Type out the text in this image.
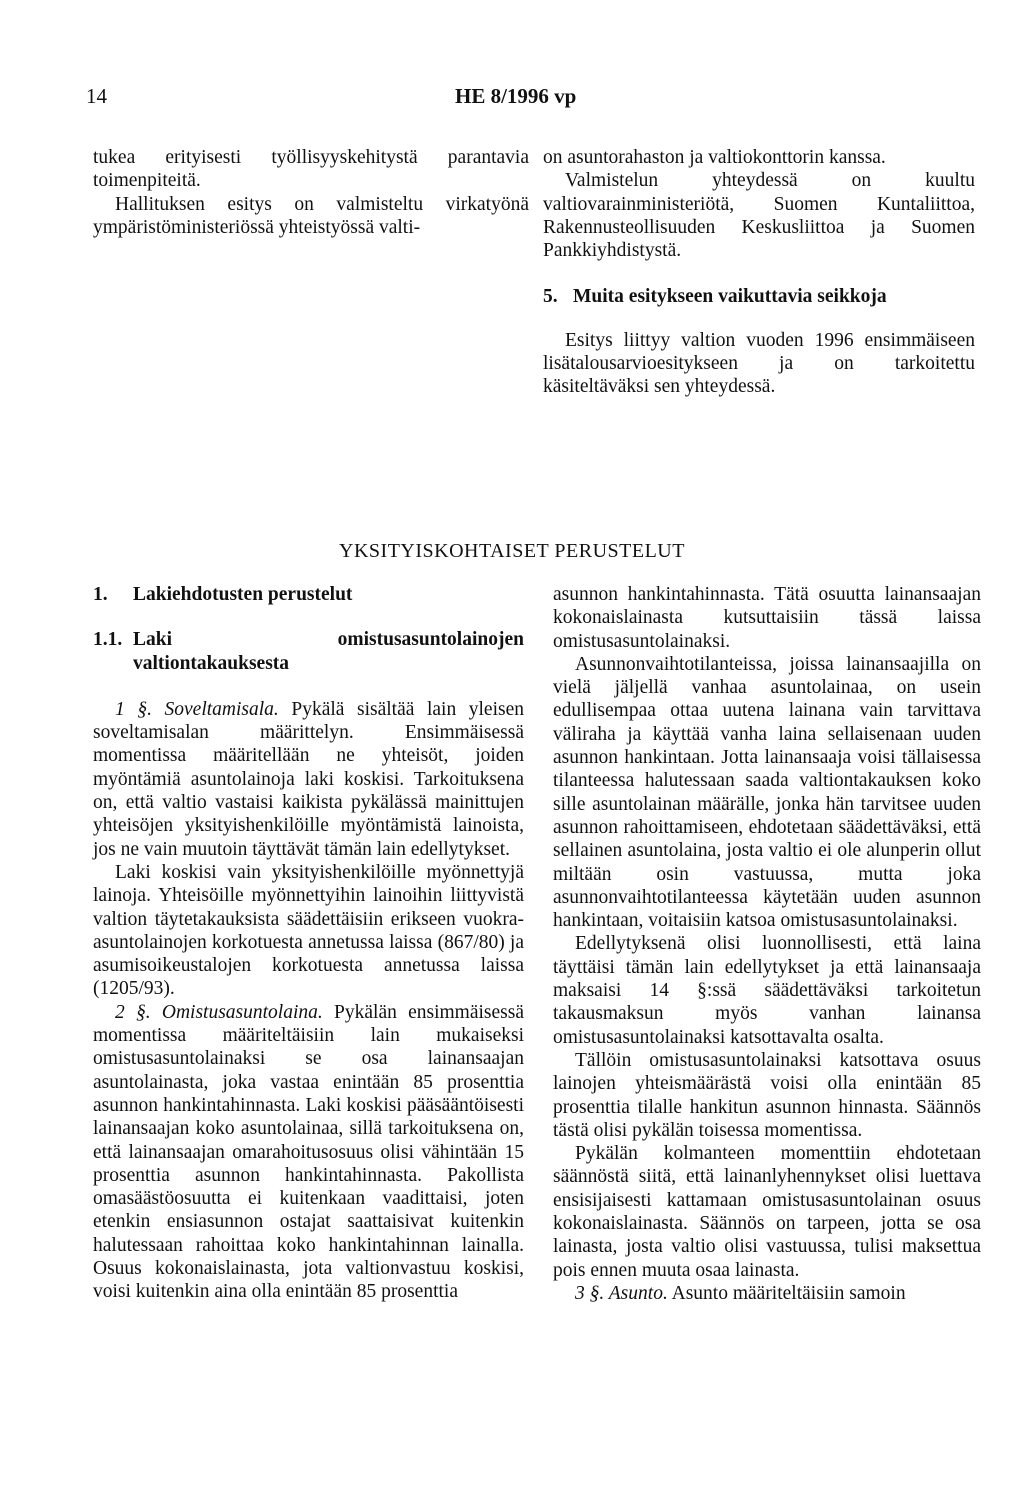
14	HE 8/1996 vp

tukea erityisesti työllisyyskehitystä parantavia toimenpiteitä.

Hallituksen esitys on valmisteltu virkatyönä ympäristöministeriössä yhteistyössä valti-

on asuntorahaston ja valtiokonttorin kanssa.

Valmistelun yhteydessä on kuultu valtiovarainministeriötä, Suomen Kuntaliittoa, Rakennusteollisuuden Keskusliittoa ja Suomen Pankkiyhdistystä.

5. Muita esitykseen vaikuttavia seikkoja

Esitys liittyy valtion vuoden 1996 ensimmäiseen lisätalousarvioesitykseen ja on tarkoitettu käsiteltäväksi sen yhteydessä.

YKSITYISKOHTAISET PERUSTELUT
1.	Lakiehdotusten perustelut
1.1. Laki omistusasuntolainojen valtiontakauksesta

1 §. Soveltamisala. Pykälä sisältää lain yleisen soveltamisalan määrittelyn. Ensimmäisessä momentissa määritellään ne yhteisöt, joiden myöntämiä asuntolainoja laki koskisi. Tarkoituksena on, että valtio vastaisi kaikista pykälässä mainittujen yhteisöjen yksityishenkilöille myöntämistä lainoista, jos ne vain muutoin täyttävät tämän lain edellytykset.

Laki koskisi vain yksityishenkilöille myönnettyjä lainoja. Yhteisöille myönnettyihin lainoihin liittyvistä valtion täytetakauksista säädettäisiin erikseen vuokra-asuntolainojen korkotuesta annetussa laissa (867/80) ja asumisoikeustalojen korkotuesta annetussa laissa (1205/93).

2 §. Omistusasuntolaina. Pykälän ensimmäisessä momentissa määriteltäisiin lain mukaiseksi omistusasuntolainaksi se osa lainansaajan asuntolainasta, joka vastaa enintään 85 prosenttia asunnon hankintahinnasta. Laki koskisi pääsääntöisesti lainansaajan koko asuntolainaa, sillä tarkoituksena on, että lainansaajan omarahoitusosuus olisi vähintään 15 prosenttia asunnon hankintahinnasta. Pakollista omasäästöosuutta ei kuitenkaan vaadittaisi, joten etenkin ensiasunnon ostajat saattaisivat kuitenkin halutessaan rahoittaa koko hankintahinnan lainalla. Osuus kokonaislainasta, jota valtionvastuu koskisi, voisi kuitenkin aina olla enintään 85 prosenttia

asunnon hankintahinnasta. Tätä osuutta lainansaajan kokonaislainasta kutsuttaisiin tässä laissa omistusasuntolainaksi.

Asunnonvaihtotilanteissa, joissa lainansaajilla on vielä jäljellä vanhaa asuntolainaa, on usein edullisempaa ottaa uutena lainana vain tarvittava väliraha ja käyttää vanha laina sellaisenaan uuden asunnon hankintaan. Jotta lainansaaja voisi tällaisessa tilanteessa halutessaan saada valtiontakauksen koko sille asuntolainan määrälle, jonka hän tarvitsee uuden asunnon rahoittamiseen, ehdotetaan säädettäväksi, että sellainen asuntolaina, josta valtio ei ole alunperin ollut miltään osin vastuussa, mutta joka asunnonvaihtotilanteessa käytetään uuden asunnon hankintaan, voitaisiin katsoa omistusasuntolainaksi.

Edellytyksenä olisi luonnollisesti, että laina täyttäisi tämän lain edellytykset ja että lainansaaja maksaisi 14 §:ssä säädettäväksi tarkoitetun takausmaksun myös vanhan lainansa omistusasuntolainaksi katsottavalta osalta.

Tällöin omistusasuntolainaksi katsottava osuus lainojen yhteismäärästä voisi olla enintään 85 prosenttia tilalle hankitun asunnon hinnasta. Säännös tästä olisi pykälän toisessa momentissa.

Pykälän kolmanteen momenttiin ehdotetaan säännöstä siitä, että lainanlyhennykset olisi luettava ensisijaisesti kattamaan omistusasuntolainan osuus kokonaislainasta. Säännös on tarpeen, jotta se osa lainasta, josta valtio olisi vastuussa, tulisi maksettua pois ennen muuta osaa lainasta.

3 §. Asunto. Asunto määriteltäisiin samoin
